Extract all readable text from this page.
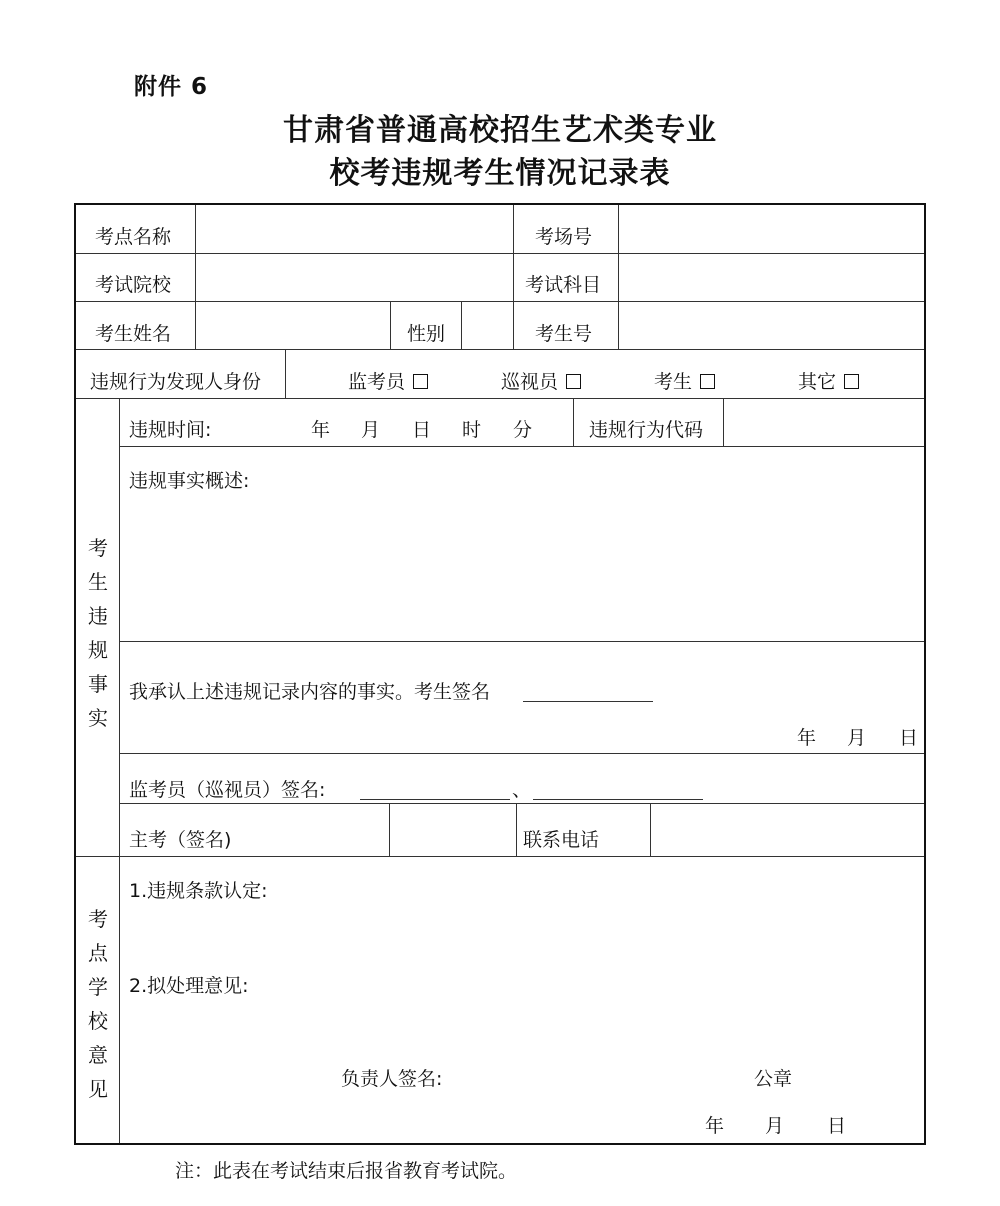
附件 6
甘肃省普通高校招生艺术类专业
校考违规考生情况记录表
考点名称	考场号
考试院校	考试科目
考生姓名	性别	考生号
违规行为发现人身份	监考员	巡视员	考生	其它
考
生
违
规
事
实
违规时间:	年 月 日 时 分	违规行为代码
违规事实概述:
我承认上述违规记录内容的事实。考生签名
年 月 日
监考员（巡视员）签名:	、
主考（签名)	联系电话
考
点
学
校
意
见
1.违规条款认定:
2.拟处理意见:
负责人签名:	公章
年 月 日
注：此表在考试结束后报省教育考试院。
